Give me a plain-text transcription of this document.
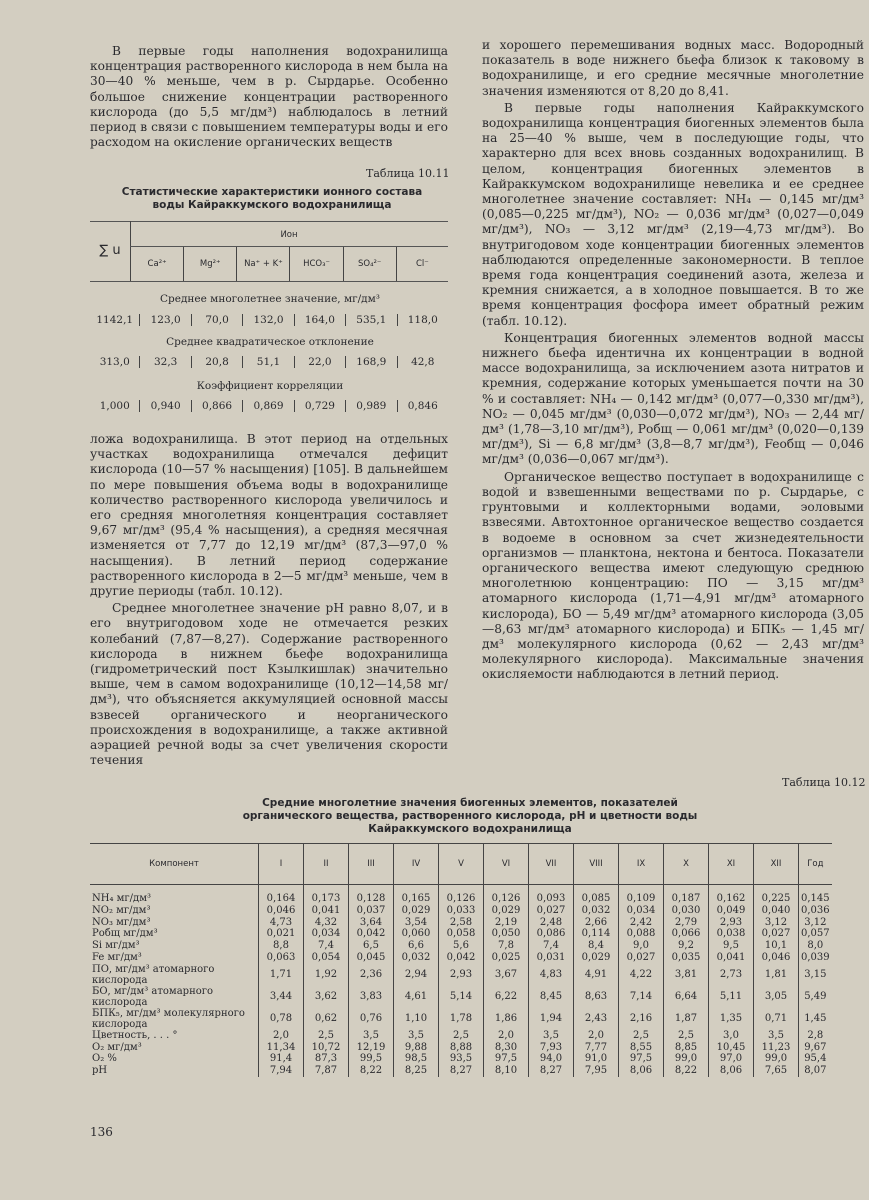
В первые годы наполнения водохранилища концентрация растворенного кислорода в нем была на 30—40 % меньше, чем в р. Сырдарье. Особенно большое снижение концентрации растворенного кислорода (до 5,5 мг/дм³) наблюдалось в летний период в связи с повышением температуры воды и его расходом на окисление органических веществ

Таблица 10.11
Статистические характеристики ионного состава воды Кайраккумского водохранилища
∑ u
Ион
Ca²⁺	Mg²⁺	Na⁺ + K⁺	HCO₃⁻	SO₄²⁻	Cl⁻
Среднее многолетнее значение, мг/дм³
1142,1	123,0	70,0	132,0	164,0	535,1	118,0
Среднее квадратическое отклонение
313,0	32,3	20,8	51,1	22,0	168,9	42,8
Коэффициент корреляции
1,000	0,940	0,866	0,869	0,729	0,989	0,846

ложа водохранилища. В этот период на отдельных участках водохранилища отмечался дефицит кислорода (10—57 % насыщения) [105]. В дальнейшем по мере повышения объема воды в водохранилище количество растворенного кислорода увеличилось и его средняя многолетняя концентрация составляет 9,67 мг/дм³ (95,4 % насыщения), а средняя месячная изменяется от 7,77 до 12,19 мг/дм³ (87,3—97,0 % насыщения). В летний период содержание растворенного кислорода в 2—5 мг/дм³ меньше, чем в другие периоды (табл. 10.12).

Среднее многолетнее значение pH равно 8,07, и в его внутригодовом ходе не отмечается резких колебаний (7,87—8,27). Содержание растворенного кислорода в нижнем бьефе водохранилища (гидрометрический пост Кзылкишлак) значительно выше, чем в самом водохранилище (10,12—14,58 мг/дм³), что объясняется аккумуляцией основной массы взвесей органического и неорганического происхождения в водохранилище, а также активной аэрацией речной воды за счет увеличения скорости течения

и хорошего перемешивания водных масс. Водородный показатель в воде нижнего бьефа близок к таковому в водохранилище, и его средние месячные многолетние значения изменяются от 8,20 до 8,41.

В первые годы наполнения Кайраккумского водохранилища концентрация биогенных элементов была на 25—40 % выше, чем в последующие годы, что характерно для всех вновь созданных водохранилищ. В целом, концентрация биогенных элементов в Кайраккумском водохранилище невелика и ее среднее многолетнее значение составляет: NH₄ — 0,145 мг/дм³ (0,085—0,225 мг/дм³), NO₂ — 0,036 мг/дм³ (0,027—0,049 мг/дм³), NO₃ — 3,12 мг/дм³ (2,19—4,73 мг/дм³). Во внутригодовом ходе концентрации биогенных элементов наблюдаются определенные закономерности. В теплое время года концентрация соединений азота, железа и кремния снижается, а в холодное повышается. В то же время концентрация фосфора имеет обратный режим (табл. 10.12).

Концентрация биогенных элементов водной массы нижнего бьефа идентична их концентрации в водной массе водохранилища, за исключением азота нитратов и кремния, содержание которых уменьшается почти на 30 % и составляет: NH₄ — 0,142 мг/дм³ (0,077—0,330 мг/дм³), NO₂ — 0,045 мг/дм³ (0,030—0,072 мг/дм³), NO₃ — 2,44 мг/дм³ (1,78—3,10 мг/дм³), Pобщ — 0,061 мг/дм³ (0,020—0,139 мг/дм³), Si — 6,8 мг/дм³ (3,8—8,7 мг/дм³), Feобщ — 0,046 мг/дм³ (0,036—0,067 мг/дм³).

Органическое вещество поступает в водохранилище с водой и взвешенными веществами по р. Сырдарье, с грунтовыми и коллекторными водами, эоловыми взвесями. Автохтонное органическое вещество создается в водоеме в основном за счет жизнедеятельности организмов — планктона, нектона и бентоса. Показатели органического вещества имеют следующую среднюю многолетнюю концентрацию: ПО — 3,15 мг/дм³ атомарного кислорода (1,71—4,91 мг/дм³ атомарного кислорода), БО — 5,49 мг/дм³ атомарного кислорода (3,05—8,63 мг/дм³ атомарного кислорода) и БПК₅ — 1,45 мг/дм³ молекулярного кислорода (0,62 — 2,43 мг/дм³ молекулярного кислорода). Максимальные значения окисляемости наблюдаются в летний период.

Таблица 10.12
Средние многолетние значения биогенных элементов, показателей органического вещества, растворенного кислорода, pH и цветности воды Кайраккумского водохранилища
Компонент	I	II	III	IV	V	VI	VII	VIII	IX	X	XI	XII	Год
NH₄ мг/дм³	0,164	0,173	0,128	0,165	0,126	0,126	0,093	0,085	0,109	0,187	0,162	0,225	0,145
NO₂ мг/дм³	0,046	0,041	0,037	0,029	0,033	0,029	0,027	0,032	0,034	0,030	0,049	0,040	0,036
NO₃ мг/дм³	4,73	4,32	3,64	3,54	2,58	2,19	2,48	2,66	2,42	2,79	2,93	3,12	3,12
Pобщ мг/дм³	0,021	0,034	0,042	0,060	0,058	0,050	0,086	0,114	0,088	0,066	0,038	0,027	0,057
Si мг/дм³	8,8	7,4	6,5	6,6	5,6	7,8	7,4	8,4	9,0	9,2	9,5	10,1	8,0
Fe мг/дм³	0,063	0,054	0,045	0,032	0,042	0,025	0,031	0,029	0,027	0,035	0,041	0,046	0,039
ПО, мг/дм³ атомарного кислорода	1,71	1,92	2,36	2,94	2,93	3,67	4,83	4,91	4,22	3,81	2,73	1,81	3,15
БО, мг/дм³ атомарного кислорода	3,44	3,62	3,83	4,61	5,14	6,22	8,45	8,63	7,14	6,64	5,11	3,05	5,49
БПК₅, мг/дм³ молекулярного кислорода	0,78	0,62	0,76	1,10	1,78	1,86	1,94	2,43	2,16	1,87	1,35	0,71	1,45
Цветность, . . . °	2,0	2,5	3,5	3,5	2,5	2,0	3,5	2,0	2,5	2,5	3,0	3,5	2,8
O₂ мг/дм³	11,34	10,72	12,19	9,88	8,88	8,30	7,93	7,77	8,55	8,85	10,45	11,23	9,67
O₂ %	91,4	87,3	99,5	98,5	93,5	97,5	94,0	91,0	97,5	99,0	97,0	99,0	95,4
pH	7,94	7,87	8,22	8,25	8,27	8,10	8,27	7,95	8,06	8,22	8,06	7,65	8,07
136
